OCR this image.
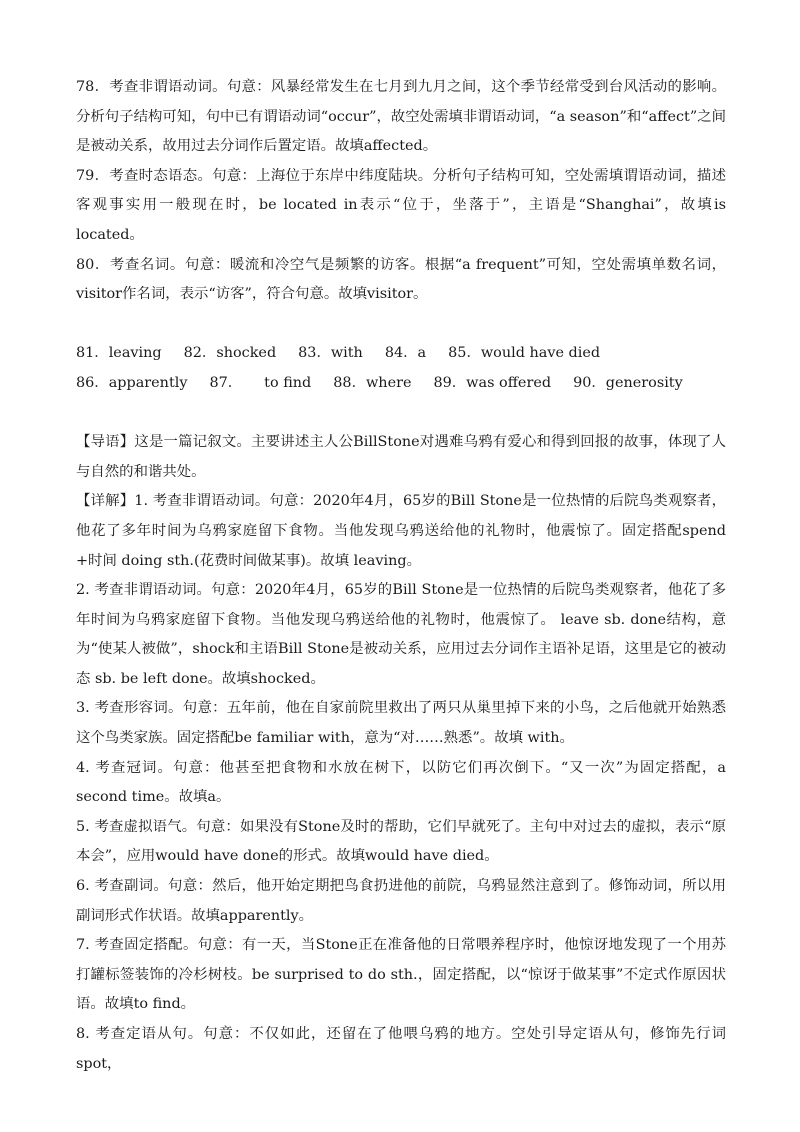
78．考查非谓语动词。句意：风暴经常发生在七月到九月之间，这个季节经常受到台风活动的影响。分析句子结构可知，句中已有谓语动词“occur”，故空处需填非谓语动词，“a season”和“affect”之间是被动关系，故用过去分词作后置定语。故填affected。

79．考查时态语态。句意：上海位于东岸中纬度陆块。分析句子结构可知，空处需填谓语动词，描述客观事实用一般现在时，be located in表示“位于，坐落于”，主语是“Shanghai”，故填is located。

80．考查名词。句意：暖流和冷空气是频繁的访客。根据“a frequent”可知，空处需填单数名词，visitor作名词，表示“访客”，符合句意。故填visitor。

81．leaving 82．shocked 83．with 84．a 85．would have died
86．apparently 87． to find 88．where 89．was offered 90．generosity

【导语】这是一篇记叙文。主要讲述主人公BillStone对遇难乌鸦有爱心和得到回报的故事，体现了人与自然的和谐共处。

【详解】1. 考查非谓语动词。句意：2020年4月，65岁的Bill Stone是一位热情的后院鸟类观察者，他花了多年时间为乌鸦家庭留下食物。当他发现乌鸦送给他的礼物时，他震惊了。固定搭配spend +时间 doing sth.(花费时间做某事)。故填 leaving。

2. 考查非谓语动词。句意：2020年4月，65岁的Bill Stone是一位热情的后院鸟类观察者，他花了多年时间为乌鸦家庭留下食物。当他发现乌鸦送给他的礼物时，他震惊了。 leave sb. done结构，意为“使某人被做”，shock和主语Bill Stone是被动关系，应用过去分词作主语补足语，这里是它的被动态 sb. be left done。故填shocked。

3. 考查形容词。句意：五年前，他在自家前院里救出了两只从巢里掉下来的小鸟，之后他就开始熟悉这个鸟类家族。固定搭配be familiar with，意为“对……熟悉”。故填 with。

4. 考查冠词。句意：他甚至把食物和水放在树下，以防它们再次倒下。“又一次”为固定搭配，a second time。故填a。

5. 考查虚拟语气。句意：如果没有Stone及时的帮助，它们早就死了。主句中对过去的虚拟，表示“原本会”，应用would have done的形式。故填would have died。

6. 考查副词。句意：然后，他开始定期把鸟食扔进他的前院，乌鸦显然注意到了。修饰动词，所以用副词形式作状语。故填apparently。

7. 考查固定搭配。句意：有一天，当Stone正在准备他的日常喂养程序时，他惊讶地发现了一个用苏打罐标签装饰的冷杉树枝。be surprised to do sth.，固定搭配，以“惊讶于做某事”不定式作原因状语。故填to find。

8. 考查定语从句。句意：不仅如此，还留在了他喂乌鸦的地方。空处引导定语从句，修饰先行词spot，
